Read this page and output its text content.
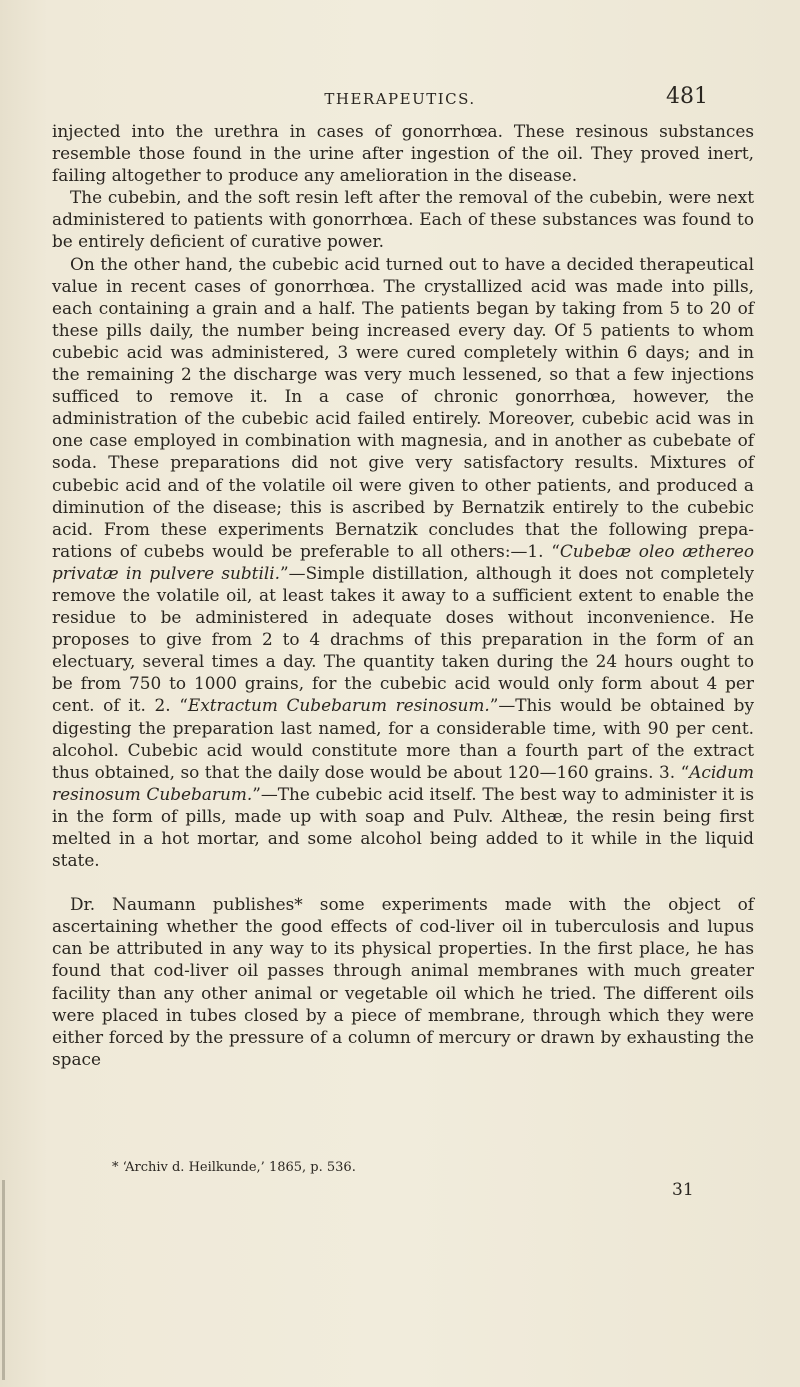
THERAPEUTICS.	481

injected into the urethra in cases of gonorrhœa. These resinous substances resemble those found in the urine after ingestion of the oil. They proved inert, failing altogether to produce any amelioration in the disease.

The cubebin, and the soft resin left after the removal of the cubebin, were next administered to patients with gonorrhœa. Each of these substances was found to be entirely deficient of curative power.

On the other hand, the cubebic acid turned out to have a decided therapeutical value in recent cases of gonorrhœa. The crystallized acid was made into pills, each containing a grain and a half. The patients began by taking from 5 to 20 of these pills daily, the number being increased every day. Of 5 patients to whom cubebic acid was administered, 3 were cured completely within 6 days; and in the remaining 2 the discharge was very much lessened, so that a few injections sufficed to remove it. In a case of chronic gonorrhœa, however, the administration of the cubebic acid failed entirely. Moreover, cubebic acid was in one case employed in combination with magnesia, and in another as cubebate of soda. These preparations did not give very satisfactory results. Mixtures of cubebic acid and of the volatile oil were given to other patients, and produced a diminution of the disease; this is ascribed by Bernatzik entirely to the cubebic acid. From these experiments Bernatzik concludes that the following preparations of cubebs would be preferable to all others:—1. “Cubebæ oleo æthereo privatæ in pulvere subtili.”—Simple distillation, although it does not completely remove the volatile oil, at least takes it away to a sufficient extent to enable the residue to be administered in adequate doses without inconvenience. He proposes to give from 2 to 4 drachms of this preparation in the form of an electuary, several times a day. The quantity taken during the 24 hours ought to be from 750 to 1000 grains, for the cubebic acid would only form about 4 per cent. of it. 2. “Extractum Cubebarum resinosum.”—This would be obtained by digesting the preparation last named, for a considerable time, with 90 per cent. alcohol. Cubebic acid would constitute more than a fourth part of the extract thus obtained, so that the daily dose would be about 120—160 grains. 3. “Acidum resinosum Cubebarum.”—The cubebic acid itself. The best way to administer it is in the form of pills, made up with soap and Pulv. Altheæ, the resin being first melted in a hot mortar, and some alcohol being added to it while in the liquid state.

Dr. Naumann publishes* some experiments made with the object of ascertaining whether the good effects of cod-liver oil in tuberculosis and lupus can be attributed in any way to its physical properties. In the first place, he has found that cod-liver oil passes through animal membranes with much greater facility than any other animal or vegetable oil which he tried. The different oils were placed in tubes closed by a piece of membrane, through which they were either forced by the pressure of a column of mercury or drawn by exhausting the space

* ‘Archiv d. Heilkunde,’ 1865, p. 536.
31
